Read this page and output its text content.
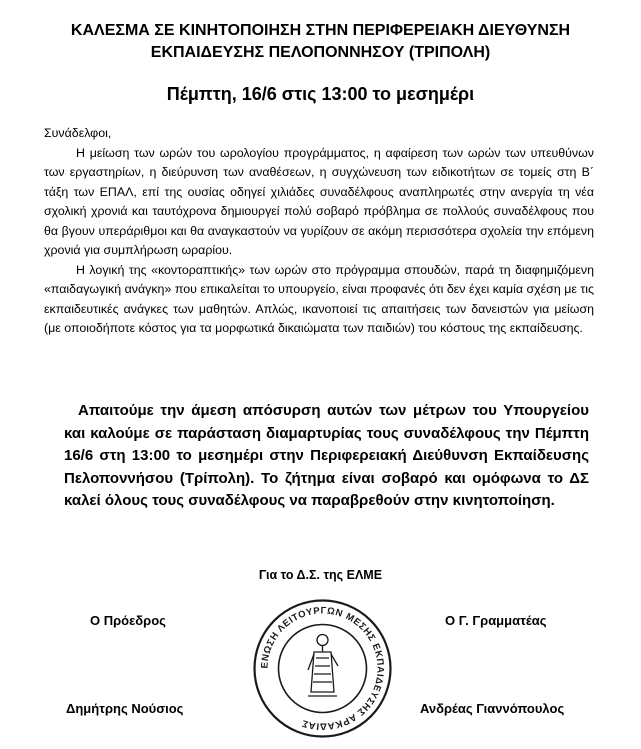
ΚΑΛΕΣΜΑ ΣΕ ΚΙΝΗΤΟΠΟΙΗΣΗ ΣΤΗΝ ΠΕΡΙΦΕΡΕΙΑΚΗ ΔΙΕΥΘΥΝΣΗ
ΕΚΠΑΙΔΕΥΣΗΣ ΠΕΛΟΠΟΝΝΗΣΟΥ (ΤΡΙΠΟΛΗ)
Πέμπτη, 16/6 στις 13:00 το μεσημέρι

Συνάδελφοι,

Η μείωση των ωρών του ωρολογίου προγράμματος, η αφαίρεση των ωρών των υπευθύνων των εργαστηρίων, η διεύρυνση των αναθέσεων, η συγχώνευση των ειδικοτήτων σε τομείς στη Β΄ τάξη των ΕΠΑΛ, επί της ουσίας οδηγεί χιλιάδες συναδέλφους αναπληρωτές στην ανεργία τη νέα σχολική χρονιά και ταυτόχρονα δημιουργεί πολύ σοβαρό πρόβλημα σε πολλούς συναδέλφους που θα βγουν υπεράριθμοι και θα αναγκαστούν να γυρίζουν σε ακόμη περισσότερα σχολεία την επόμενη χρονιά για συμπλήρωση ωραρίου.

Η λογική της «κοντοραπτικής» των ωρών στο πρόγραμμα σπουδών, παρά τη διαφημιζόμενη «παιδαγωγική ανάγκη» που επικαλείται το υπουργείο, είναι προφανές ότι δεν έχει καμία σχέση με τις εκπαιδευτικές ανάγκες των μαθητών. Απλώς, ικανοποιεί τις απαιτήσεις των δανειστών για μείωση (με οποιοδήποτε κόστος για τα μορφωτικά δικαιώματα των παιδιών) του κόστους της εκπαίδευσης.

Απαιτούμε την άμεση απόσυρση αυτών των μέτρων του Υπουργείου και καλούμε σε παράσταση διαμαρτυρίας τους συναδέλφους την Πέμπτη 16/6 στη 13:00 το μεσημέρι στην Περιφερειακή Διεύθυνση Εκπαίδευσης Πελοποννήσου (Τρίπολη). Το ζήτημα είναι σοβαρό και ομόφωνα το ΔΣ καλεί όλους τους συναδέλφους να παραβρεθούν στην κινητοποίηση.
Για το Δ.Σ. της ΕΛΜΕ
Ο Πρόεδρος	Ο Γ. Γραμματέας
ΕΝΩΣΗ ΛΕΙΤΟΥΡΓΩΝ ΜΕΣΗΣ ΕΚΠΑΙΔΕΥΣΗΣ ΑΡΚΑΔΙΑΣ
Δημήτρης Νούσιος	Ανδρέας Γιαννόπουλος
